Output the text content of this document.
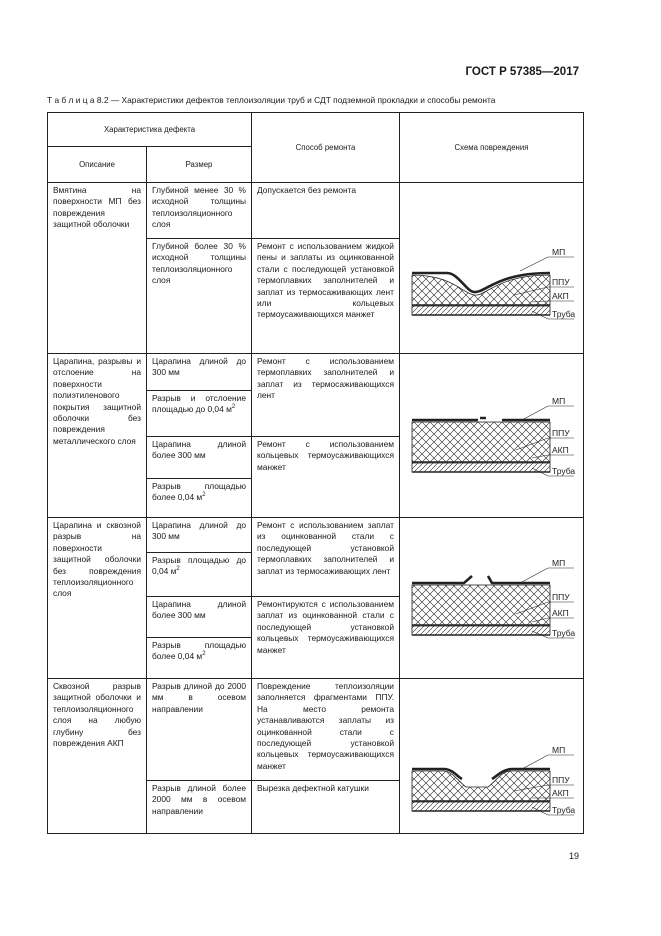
ГОСТ Р 57385—2017
Т а б л и ц а 8.2 — Характеристики дефектов теплоизоляции труб и СДТ подземной прокладки и способы ремонта
Характеристика дефекта
Описание	Размер
Способ ремонта	Схема повреждения
Вмятина на поверхности МП без повреждения защитной оболочки
Глубиной менее 30 % исходной толщины теплоизоляционного слоя
Допускается без ремонта
Глубиной более 30 % исходной толщины теплоизоляционного слоя
Ремонт с использованием жидкой пены и заплаты из оцинкованной стали с последующей установкой термоплавких заполнителей и заплат из термосаживающих лент или кольцевых термоусаживающихся манжет
МП
ППУ
АКП
Труба
Царапина, разрывы и отслоение на поверхности полиэтиленового покрытия защитной оболочки без повреждения металлического слоя
Царапина длиной до 300 мм
Разрыв и отслоение площадью до 0,04 $м^2$
Царапина длиной более 300 мм
Разрыв площадью более 0,04 $м^2$
Ремонт с использованием термоплавких заполнителей и заплат из термосаживающихся лент
Ремонт с использованием кольцевых термоусаживающихся манжет
МП
ППУ
АКП
Труба
Царапина и сквозной разрыв на поверхности защитной оболочки без повреждения теплоизоляционного слоя
Царапина длиной до 300 мм
Разрыв площадью до 0,04 $м^2$
Царапина длиной более 300 мм
Разрыв площадью более 0,04 $м^2$
Ремонт с использованием заплат из оцинкованной стали с последующей установкой термоплавких заполнителей и заплат из термосаживающих лент
Ремонтируются с использованием заплат из оцинкованной стали с последующей установкой кольцевых термоусаживающихся манжет
МП
ППУ
АКП
Труба
Сквозной разрыв защитной оболочки и теплоизоляционного слоя на любую глубину без повреждения АКП
Разрыв длиной до 2000 мм в осевом направлении
Повреждение теплоизоляции заполняется фрагментами ППУ. На место ремонта устанавливаются заплаты из оцинкованной стали с последующей установкой кольцевых термоусаживающихся манжет
Разрыв длиной более 2000 мм в осевом направлении
Вырезка дефектной катушки
МП
ППУ
АКП
Труба
19
